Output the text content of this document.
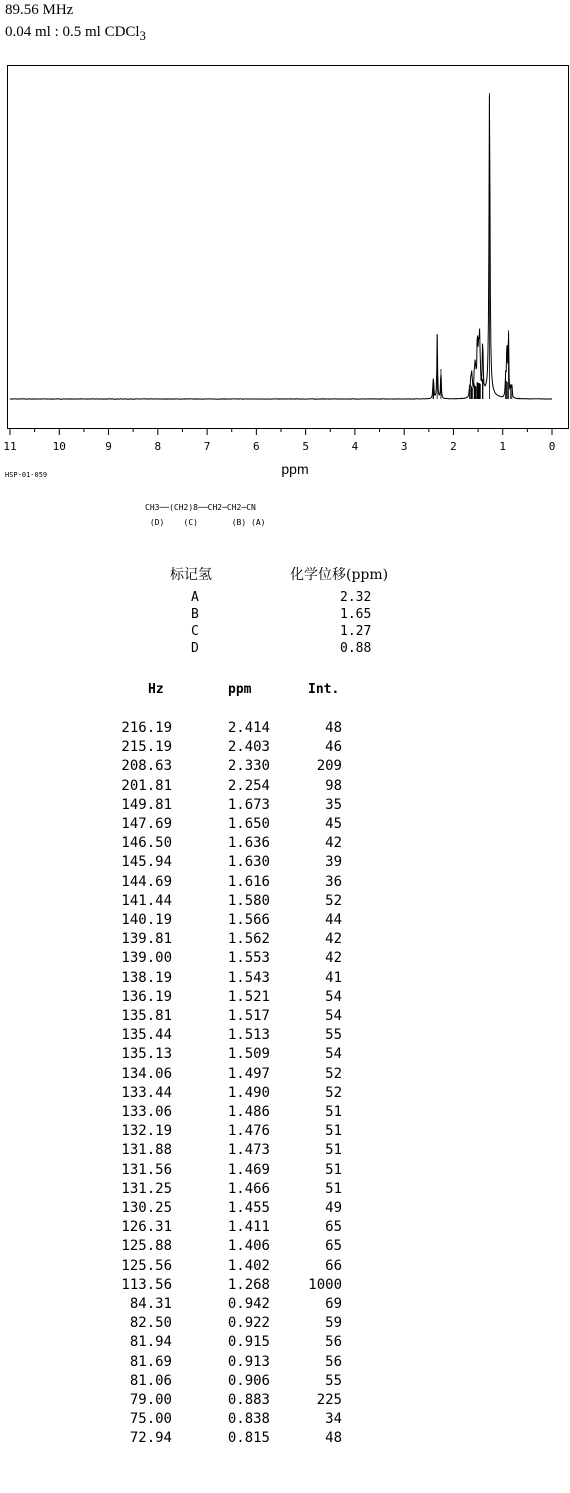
89.56 MHz
0.04 ml : 0.5 ml CDCl$_3$
11	10	9	8	7	6	5	4	3	2	1	0
ppm
HSP-01-059
CH3──(CH2)8──CH2─CH2─CN
(D) (C)	(B) (A)
标记氢	化学位移(ppm)
A	2.32
B	1.65
C	1.27
D	0.88
Hz	ppm	Int.
216.19	2.414	48
215.19	2.403	46
208.63	2.330	209
201.81	2.254	98
149.81	1.673	35
147.69	1.650	45
146.50	1.636	42
145.94	1.630	39
144.69	1.616	36
141.44	1.580	52
140.19	1.566	44
139.81	1.562	42
139.00	1.553	42
138.19	1.543	41
136.19	1.521	54
135.81	1.517	54
135.44	1.513	55
135.13	1.509	54
134.06	1.497	52
133.44	1.490	52
133.06	1.486	51
132.19	1.476	51
131.88	1.473	51
131.56	1.469	51
131.25	1.466	51
130.25	1.455	49
126.31	1.411	65
125.88	1.406	65
125.56	1.402	66
113.56	1.268	1000
84.31	0.942	69
82.50	0.922	59
81.94	0.915	56
81.69	0.913	56
81.06	0.906	55
79.00	0.883	225
75.00	0.838	34
72.94	0.815	48
